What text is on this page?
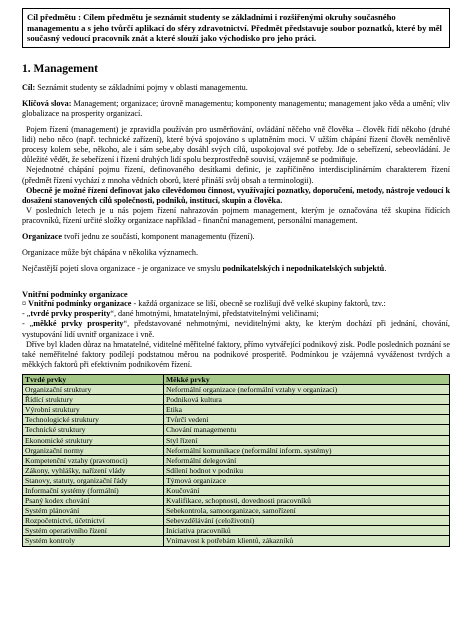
Cíl předmětu : Cílem předmětu je seznámit studenty se základními i rozšiřenými okruhy současného managementu a s jeho tvůrčí aplikací do sféry zdravotnictví. Předmět představuje soubor poznatků, které by měl současný vedoucí pracovník znát a které slouží jako východisko pro jeho práci.
1. Management

Cíl: Seznámit studenty se základními pojmy v oblasti managementu.

Klíčová slova: Management; organizace; úrovně managementu; komponenty managementu; management jako věda a umění; vliv globalizace na prosperity organizací.

Pojem řízení (management) je zpravidla používán pro usměrňování, ovládání něčeho vně člověka – člověk řídí někoho (druhé lidi) nebo něco (např. technické zařízení), které bývá spojováno s uplatněním moci. V užším chápání řízení člověk neměnlivě procesy kolem sebe, někoho, ale i sám sebe,aby dosáhl svých cílů, uspokojoval své potřeby. Jde o sebeřízení, sebeovládání. Je důležité vědět, že sebeřízení i řízení druhých lidí spolu bezprostředně souvisí, vzájemně se podmiňuje.

Nejednotné chápání pojmu řízení, definovaného desítkami definic, je zapříčiněno interdisciplinárním charakterem řízení (předmět řízení vychází z mnoha vědních oborů, které přináší svůj obsah a terminologii).

Obecně je možné řízení definovat jako cílevědomou činnost, využívající poznatky, doporučení, metody, nástroje vedoucí k dosažení stanovených cílů společnosti, podniků, institucí, skupin a člověka.

V posledních letech je u nás pojem řízení nahrazován pojmem management, kterým je označována též skupina řídících pracovníků, řízení určité složky organizace například - finanční management, personální management.

Organizace tvoří jednu ze součástí, komponent managementu (řízení).

Organizace může být chápána v několika významech.

Nejčastější pojetí slova organizace - je organizace ve smyslu podnikatelských i nepodnikatelských subjektů.

Vnitřní podmínky organizace

¤ Vnitřní podmínky organizace - každá organizace se liší, obecně se rozlišují dvě velké skupiny faktorů, tzv.:

- „tvrdé prvky prosperity“, dané hmotnými, hmatatelnými, předstatvitelnými veličinami;

- „měkké prvky prosperity“, představované nehmotnými, neviditelnými akty, ke kterým dochází při jednání, chování, vystupování lidí uvnitř organizace i vně.

Dříve byl kladen důraz na hmatatelné, viditelné měřitelné faktory, přímo vytvářející podnikový zisk. Podle posledních poznání se také neměřitelné faktory podílejí podstatnou měrou na podnikové prosperitě. Podmínkou je vzájemná vyváženost tvrdých a měkkých faktorů při efektivním podnikovém řízení.

Tvrdé prvky	Měkké prvky
Organizační struktury	Neformální organizace (neformální vztahy v organizaci)
Řídící struktury	Podniková kultura
Výrobní struktury	Etika
Technologické struktury	Tvůrčí vedení
Technické struktury	Chování managementu
Ekonomické struktury	Styl řízení
Organizační normy	Neformální komunikace (neformální inform. systémy)
Kompetenční vztahy (pravomoci)	Neformální delegování
Zákony, vyhlášky, nařízení vlády	Sdílení hodnot v podniku
Stanovy, statuty, organizační řády	Týmová organizace
Informační systémy (formální)	Koučování
Psaný kodex chování	Kvalifikace, schopnosti, dovednosti pracovníků
Systém plánování	Sebekontrola, samoorganizace, samořízení
Rozpočetnictví, účetnictví	Sebevzdělávání (celoživotní)
Systém operativního řízení	Iniciativa pracovníků
Systém kontroly	Vnímavost k potřebám klientů, zákazníků
